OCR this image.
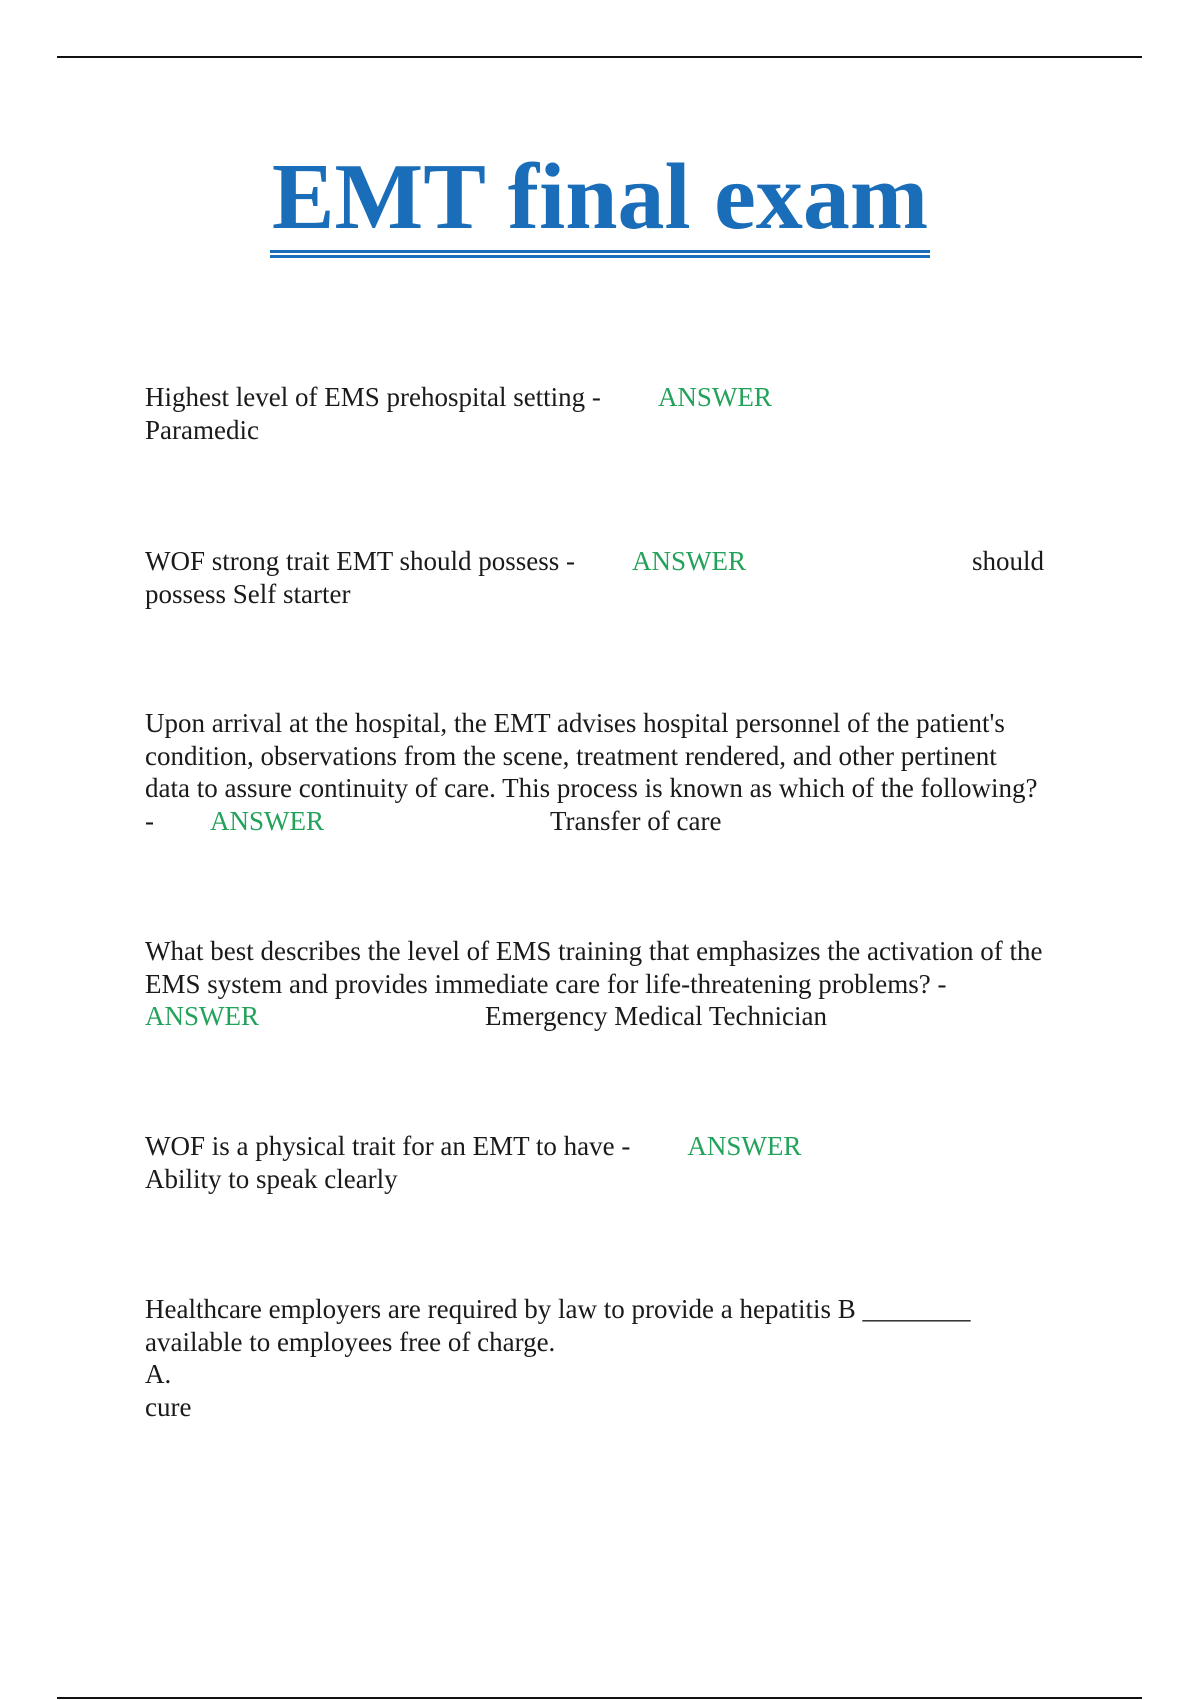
EMT final exam
Highest level of EMS prehospital setting - ANSWER
Paramedic
WOF strong trait EMT should possess - ANSWER	should
possess Self starter
Upon arrival at the hospital, the EMT advises hospital personnel of the patient's
condition, observations from the scene, treatment rendered, and other pertinent
data to assure continuity of care. This process is known as which of the following?
- ANSWER	Transfer of care
What best describes the level of EMS training that emphasizes the activation of the
EMS system and provides immediate care for life-threatening problems? -
ANSWER	Emergency Medical Technician
WOF is a physical trait for an EMT to have - ANSWER
Ability to speak clearly
Healthcare employers are required by law to provide a hepatitis B ________
available to employees free of charge.
A.
cure
